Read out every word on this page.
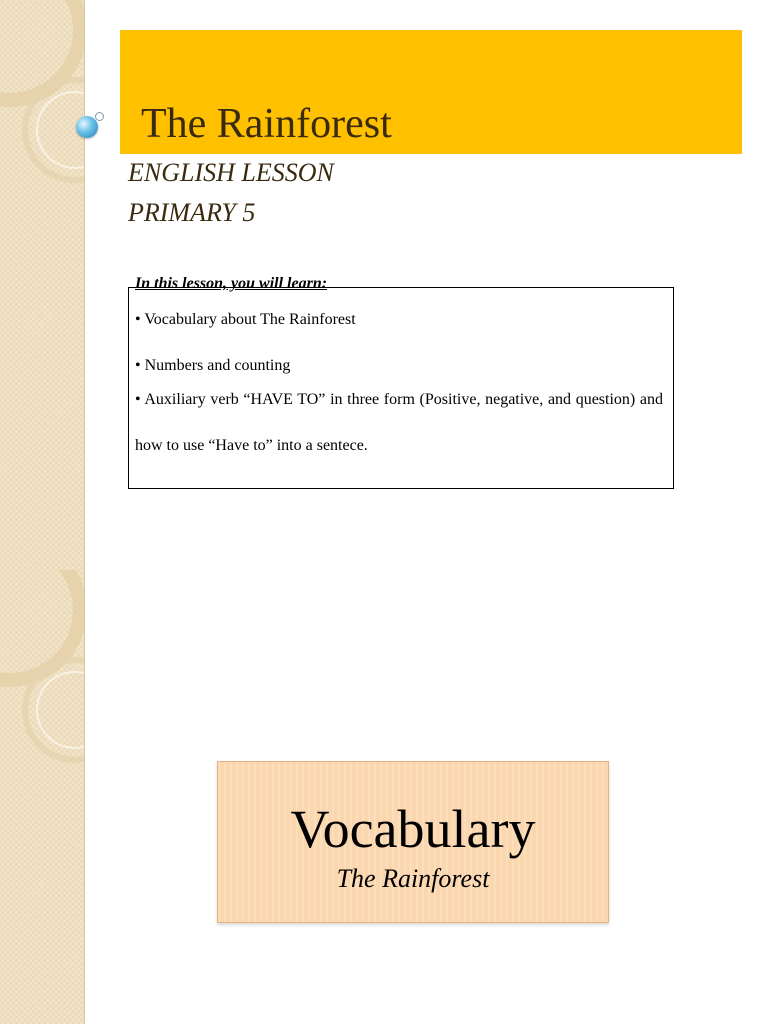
The Rainforest

ENGLISH LESSON

PRIMARY 5

In this lesson, you will learn:

• Vocabulary about The Rainforest

• Numbers and counting

• Auxiliary verb “HAVE TO” in three form (Positive, negative, and question) and how to use “Have to” into a sentece.

Vocabulary

The Rainforest
